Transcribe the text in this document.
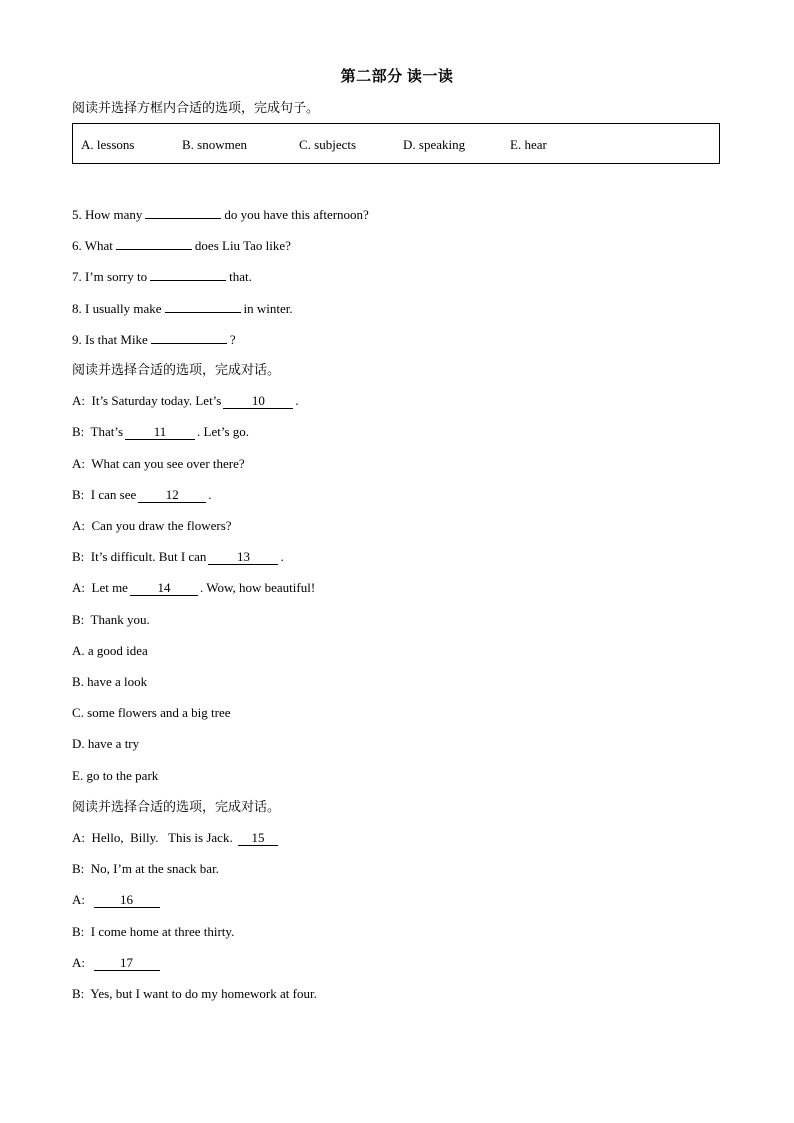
第二部分 读一读
阅读并选择方框内合适的选项，完成句子。
A. lessons	B. snowmen	C. subjects	D. speaking	E. hear
5. How many	do you have this afternoon?
6. What	does Liu Tao like?
7. I’m sorry to	that.
8. I usually make	in winter.
9. Is that Mike	?
阅读并选择合适的选项，完成对话。
A:  It’s Saturday today. Let’s 10 .
B:  That’s 11 . Let’s go.
A:  What can you see over there?
B:  I can see 12 .
A:  Can you draw the flowers?
B:  It’s difficult. But I can 13 .
A:  Let me 14 . Wow, how beautiful!
B:  Thank you.
A. a good idea
B. have a look
C. some flowers and a big tree
D. have a try
E. go to the park
阅读并选择合适的选项，完成对话。
A:  Hello,  Billy.   This is Jack. 15
B:  No, I’m at the snack bar.
A:	16
B:  I come home at three thirty.
A:	17
B:  Yes, but I want to do my homework at four.
